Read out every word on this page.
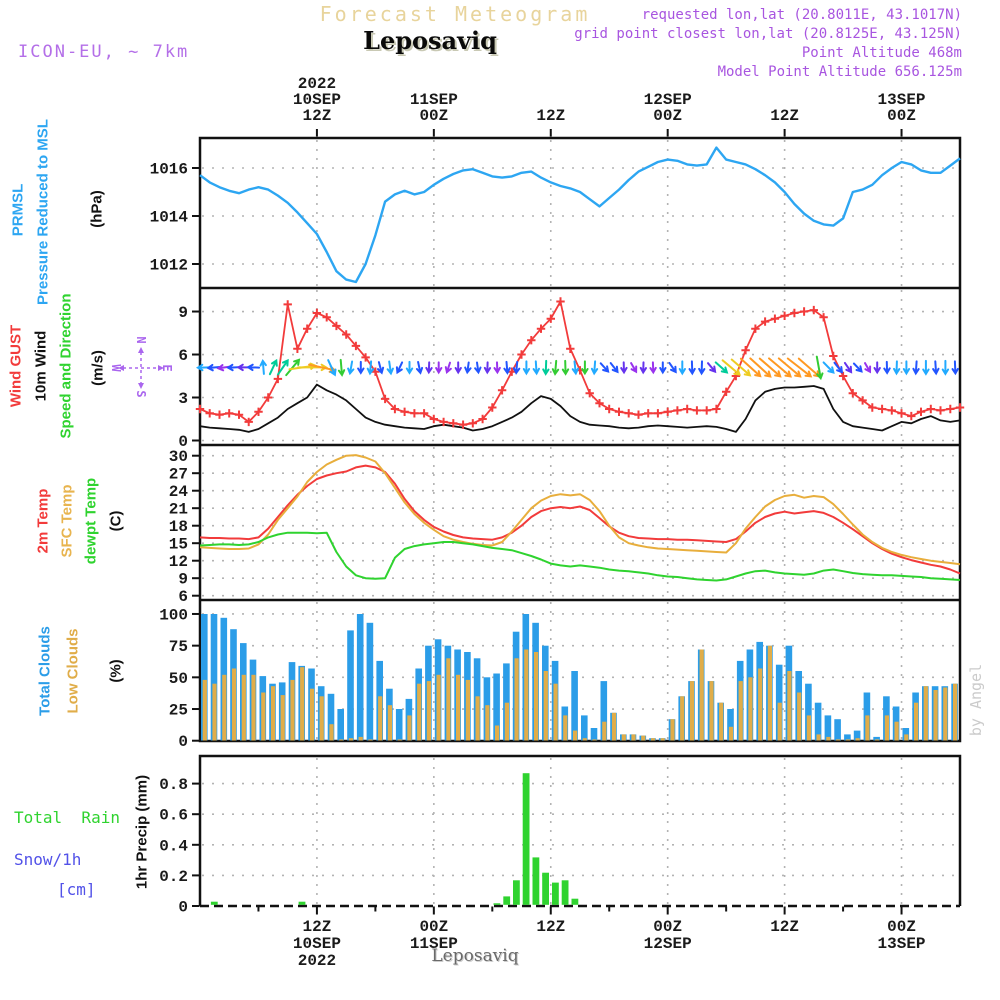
Forecast Meteogram
Leposaviq
requested lon,lat (20.8011E, 43.1017N)
grid point closest lon,lat (20.8125E, 43.125N)
Point Altitude 468m
Model Point Altitude 656.125m
ICON-EU, ~ 7km
PRMSL Pressure Reduced to MSL (hPa)
Wind GUST 10m Wind Speed and Direction (m/s)
2m Temp SFC Temp dewpt Temp (C)
Total Clouds Low Clouds (%)
Total  Rain
Snow/1h
[cm]
1hr Precip (mm)
Leposaviq
by Angel
1016
1014
1012
9
6
3
0
30
27
24
21
18
15
12
9
6
100
75
50
25
0
0.8
0.6
0.4
0.2
0
2022
10SEP
12Z
11SEP
00Z	12Z
12SEP
00Z	12Z
13SEP
00Z
12Z
10SEP
2022
00Z
11SEP
12Z	00Z
12SEP
12Z	00Z
13SEP
N
S
W	E
